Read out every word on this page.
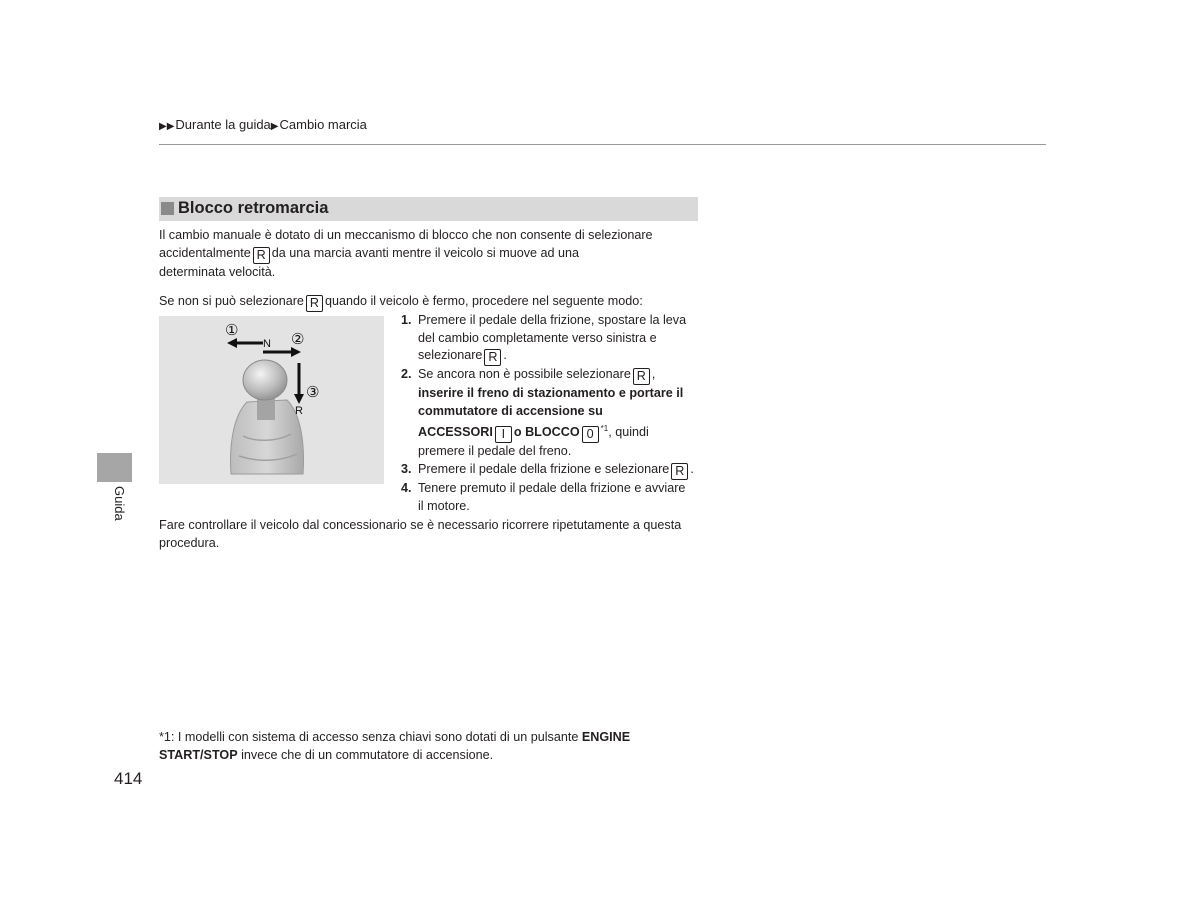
▶▶Durante la guida▶Cambio marcia
Blocco retromarcia
Il cambio manuale è dotato di un meccanismo di blocco che non consente di selezionare
accidentalmente R da una marcia avanti mentre il veicolo si muove ad una
determinata velocità.
Se non si può selezionare R quando il veicolo è fermo, procedere nel seguente modo:
①	②
③
N
R
1. Premere il pedale della frizione, spostare la leva
del cambio completamente verso sinistra e
selezionare R .
2. Se ancora non è possibile selezionare R ,
inserire il freno di stazionamento e portare il
commutatore di accensione su
ACCESSORI I o BLOCCO 0 $^{*1}$, quindi
premere il pedale del freno.
3. Premere il pedale della frizione e selezionare R .
4. Tenere premuto il pedale della frizione e avviare
il motore.
Fare controllare il veicolo dal concessionario se è necessario ricorrere ripetutamente a questa
procedura.
Guida
*1: I modelli con sistema di accesso senza chiavi sono dotati di un pulsante ENGINE
START/STOP invece che di un commutatore di accensione.
414
